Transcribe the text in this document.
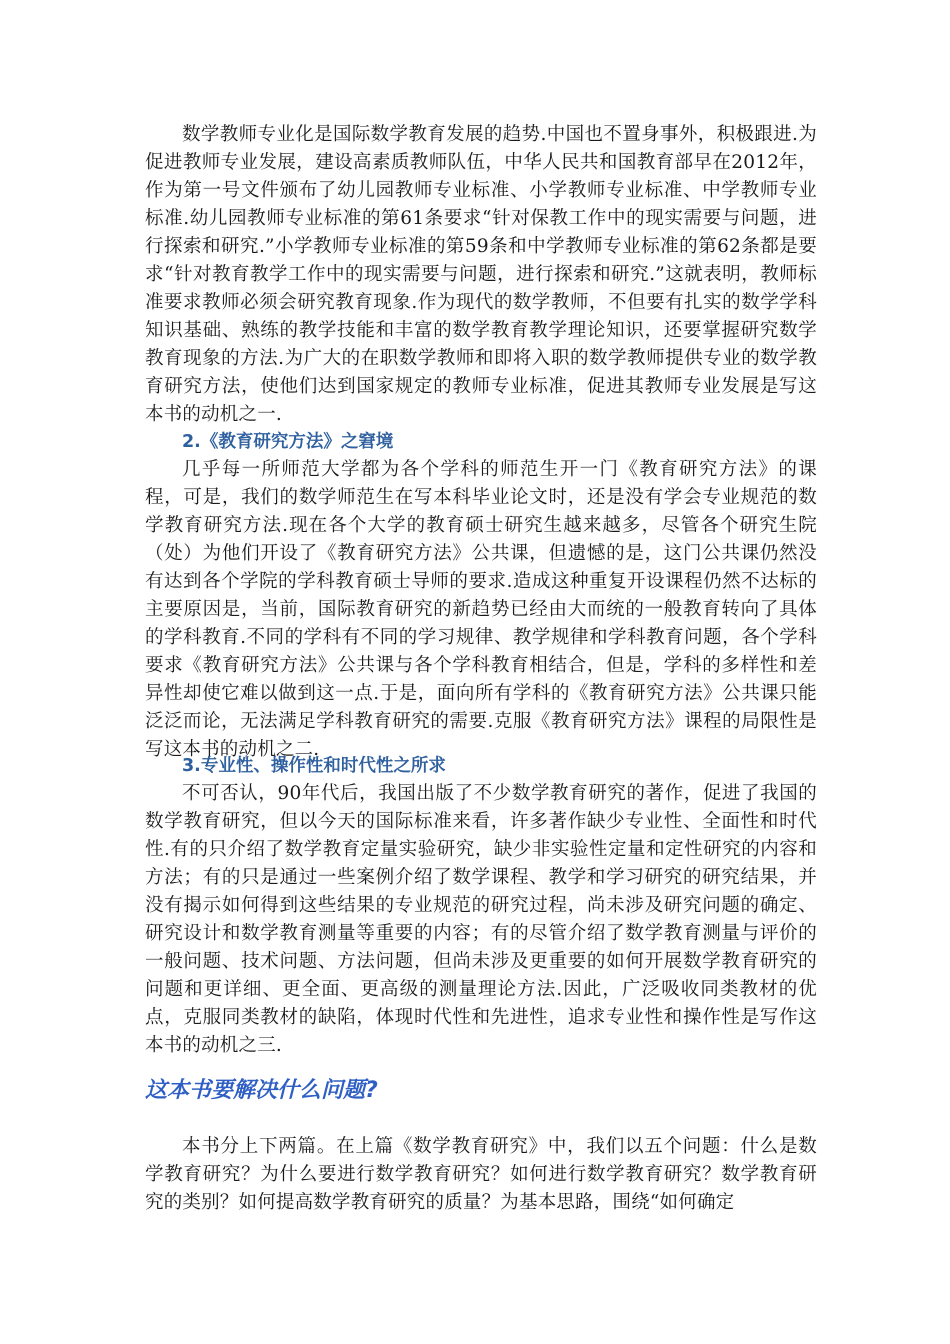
数学教师专业化是国际数学教育发展的趋势.中国也不置身事外，积极跟进.为促进教师专业发展，建设高素质教师队伍，中华人民共和国教育部早在2012年，作为第一号文件颁布了幼儿园教师专业标准、小学教师专业标准、中学教师专业标准.幼儿园教师专业标准的第61条要求“针对保教工作中的现实需要与问题，进行探索和研究.”小学教师专业标准的第59条和中学教师专业标准的第62条都是要求“针对教育教学工作中的现实需要与问题，进行探索和研究.”这就表明，教师标准要求教师必须会研究教育现象.作为现代的数学教师，不但要有扎实的数学学科知识基础、熟练的教学技能和丰富的数学教育教学理论知识，还要掌握研究数学教育现象的方法.为广大的在职数学教师和即将入职的数学教师提供专业的数学教育研究方法，使他们达到国家规定的教师专业标准，促进其教师专业发展是写这本书的动机之一.

2.《教育研究方法》之窘境

几乎每一所师范大学都为各个学科的师范生开一门《教育研究方法》的课程，可是，我们的数学师范生在写本科毕业论文时，还是没有学会专业规范的数学教育研究方法.现在各个大学的教育硕士研究生越来越多，尽管各个研究生院（处）为他们开设了《教育研究方法》公共课，但遗憾的是，这门公共课仍然没有达到各个学院的学科教育硕士导师的要求.造成这种重复开设课程仍然不达标的主要原因是，当前，国际教育研究的新趋势已经由大而统的一般教育转向了具体的学科教育.不同的学科有不同的学习规律、教学规律和学科教育问题，各个学科要求《教育研究方法》公共课与各个学科教育相结合，但是，学科的多样性和差异性却使它难以做到这一点.于是，面向所有学科的《教育研究方法》公共课只能泛泛而论，无法满足学科教育研究的需要.克服《教育研究方法》课程的局限性是写这本书的动机之二.

3.专业性、操作性和时代性之所求

不可否认，90年代后，我国出版了不少数学教育研究的著作，促进了我国的数学教育研究，但以今天的国际标准来看，许多著作缺少专业性、全面性和时代性.有的只介绍了数学教育定量实验研究，缺少非实验性定量和定性研究的内容和方法；有的只是通过一些案例介绍了数学课程、教学和学习研究的研究结果，并没有揭示如何得到这些结果的专业规范的研究过程，尚未涉及研究问题的确定、研究设计和数学教育测量等重要的内容；有的尽管介绍了数学教育测量与评价的一般问题、技术问题、方法问题，但尚未涉及更重要的如何开展数学教育研究的问题和更详细、更全面、更高级的测量理论方法.因此，广泛吸收同类教材的优点，克服同类教材的缺陷，体现时代性和先进性，追求专业性和操作性是写作这本书的动机之三.

这本书要解决什么问题?

本书分上下两篇。在上篇《数学教育研究》中，我们以五个问题：什么是数学教育研究？为什么要进行数学教育研究？如何进行数学教育研究？数学教育研究的类别？如何提高数学教育研究的质量？为基本思路，围绕“如何确定
